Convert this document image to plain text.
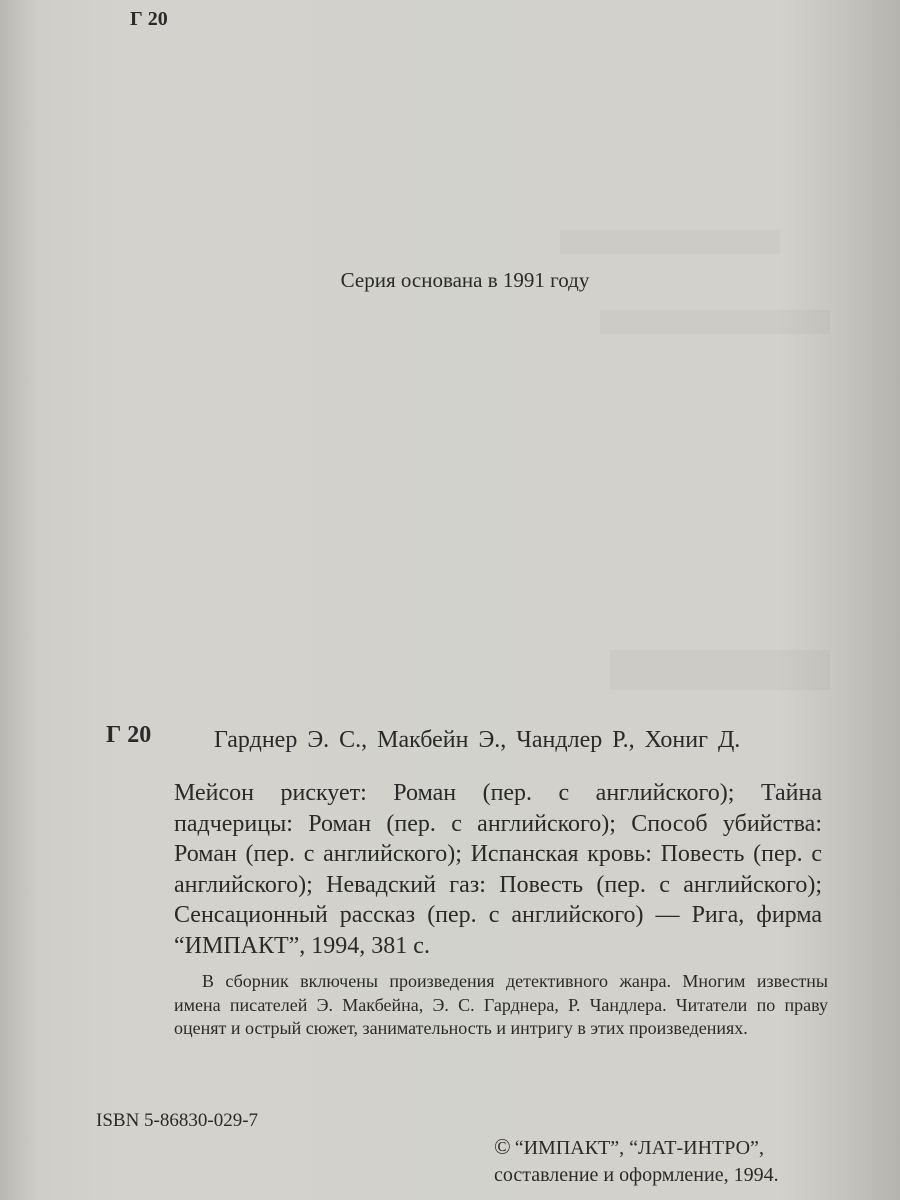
Г 20
Серия основана в 1991 году
Г 20	Гарднер Э. С., Макбейн Э., Чандлер Р., Хониг Д.
Мейсон рискует: Роман (пер. с английского); Тайна падчерицы: Роман (пер. с английского); Способ убийства: Роман (пер. с английского); Испанская кровь: Повесть (пер. с английского); Невадский газ: Повесть (пер. с английского); Сенсационный рассказ (пер. с английского) — Рига, фирма “ИМПАКТ”, 1994, 381 с.
В сборник включены произведения детективного жанра. Многим известны имена писателей Э. Макбейна, Э. С. Гарднера, Р. Чандлера. Читатели по праву оценят и острый сюжет, занимательность и интригу в этих произведениях.
ISBN 5-86830-029-7
© “ИМПАКТ”, “ЛАТ-ИНТРО”,
составление и оформление, 1994.
